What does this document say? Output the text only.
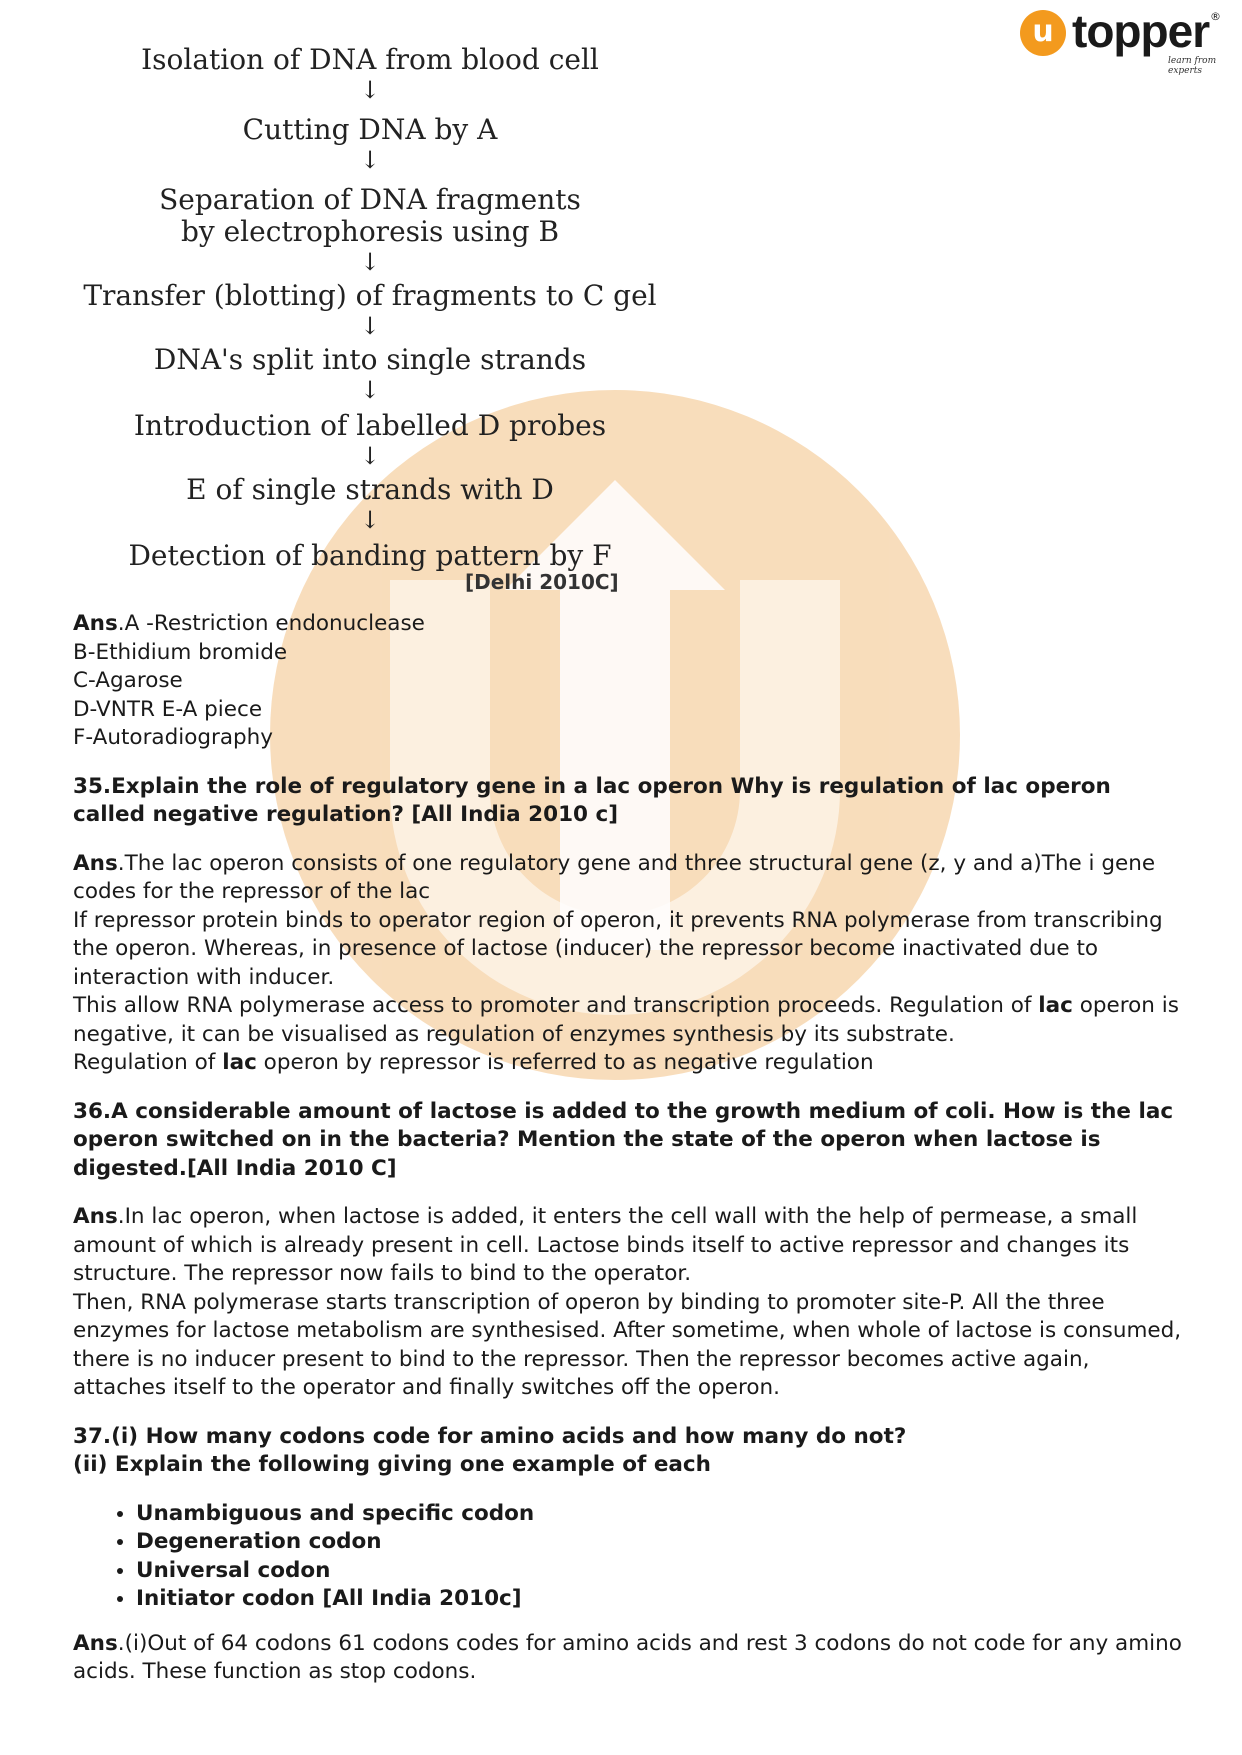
u topper ®
learn from experts
Isolation of DNA from blood cell
↓
Cutting DNA by A
↓
Separation of DNA fragments by electrophoresis using B
↓
Transfer (blotting) of fragments to C gel
↓
DNA's split into single strands
↓
Introduction of labelled D probes
↓
E of single strands with D
↓
Detection of banding pattern by F
[Delhi 2010C]

Ans.A -Restriction endonuclease

B-Ethidium bromide

C-Agarose

D-VNTR E-A piece

F-Autoradiography

35.Explain the role of regulatory gene in a lac operon Why is regulation of lac operon called negative regulation? [All India 2010 c]

Ans.The lac operon consists of one regulatory gene and three structural gene (z, y and a)The i gene codes for the repressor of the lac

If repressor protein binds to operator region of operon, it prevents RNA polymerase from transcribing the operon. Whereas, in presence of lactose (inducer) the repressor become inactivated due to interaction with inducer.

This allow RNA polymerase access to promoter and transcription proceeds. Regulation of lac operon is negative, it can be visualised as regulation of enzymes synthesis by its substrate.

Regulation of lac operon by repressor is referred to as negative regulation

36.A considerable amount of lactose is added to the growth medium of coli. How is the lac operon switched on in the bacteria? Mention the state of the operon when lactose is digested.[All India 2010 C]

Ans.In lac operon, when lactose is added, it enters the cell wall with the help of permease, a small amount of which is already present in cell. Lactose binds itself to active repressor and changes its structure. The repressor now fails to bind to the operator.

Then, RNA polymerase starts transcription of operon by binding to promoter site-P. All the three enzymes for lactose metabolism are synthesised. After sometime, when whole of lactose is consumed, there is no inducer present to bind to the repressor. Then the repressor becomes active again, attaches itself to the operator and finally switches off the operon.

37.(i) How many codons code for amino acids and how many do not?

(ii) Explain the following giving one example of each

• Unambiguous and specific codon
• Degeneration codon
• Universal codon
• Initiator codon [All India 2010c]

Ans.(i)Out of 64 codons 61 codons codes for amino acids and rest 3 codons do not code for any amino acids. These function as stop codons.
